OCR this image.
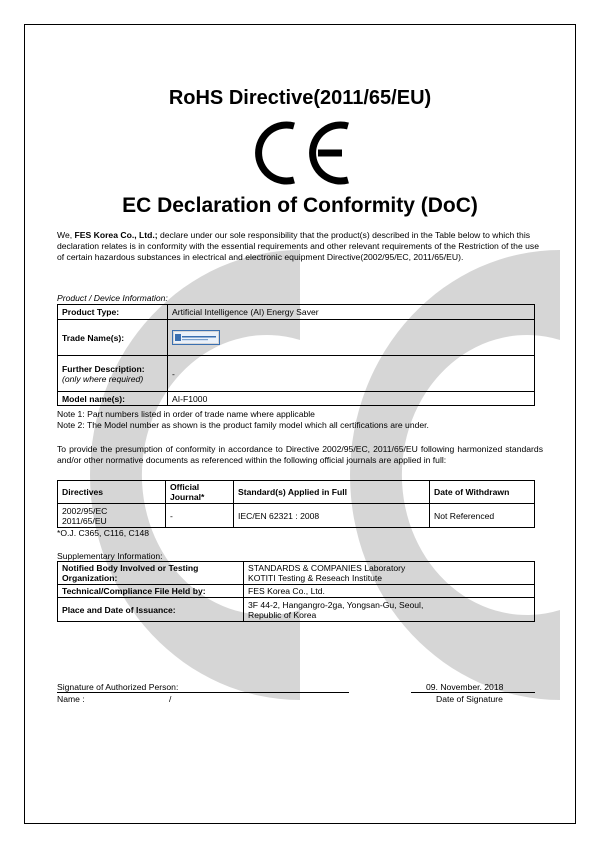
RoHS Directive(2011/65/EU)
EC Declaration of Conformity (DoC)
We, FES Korea Co., Ltd.; declare under our sole responsibility that the product(s) described in the Table below to which this declaration relates is in conformity with the essential requirements and other relevant requirements of the Restriction of the use of certain hazardous substances in electrical and electronic equipment Directive(2002/95/EC, 2011/65/EU).
Product / Device Information:
Product Type:	Artificial Intelligence (AI) Energy Saver
Trade Name(s):	

Further Description: (only where required)	-
Model name(s):	AI-F1000
Note 1: Part numbers listed in order of trade name where applicable
Note 2: The Model number as shown is the product family model which all certifications are under.
To provide the presumption of conformity in accordance to Directive 2002/95/EC, 2011/65/EU following harmonized standards and/or other normative documents as referenced within the following official journals are applied in full:
Directives	Official Journal*	Standard(s) Applied in Full	Date of Withdrawn
2002/95/EC
2011/65/EU	-	IEC/EN 62321 : 2008	Not Referenced
*O.J. C365, C116, C148
Supplementary Information:
Notified Body Involved or Testing Organization:	STANDARDS & COMPANIES Laboratory
KOTITI Testing & Reseach Institute
Technical/Compliance File Held by:	FES Korea Co., Ltd.
Place and Date of Issuance:	3F 44-2, Hangangro-2ga, Yongsan-Gu, Seoul,
Republic of Korea
Signature of Authorized Person:
Name :	/
09. November. 2018
Date of Signature
